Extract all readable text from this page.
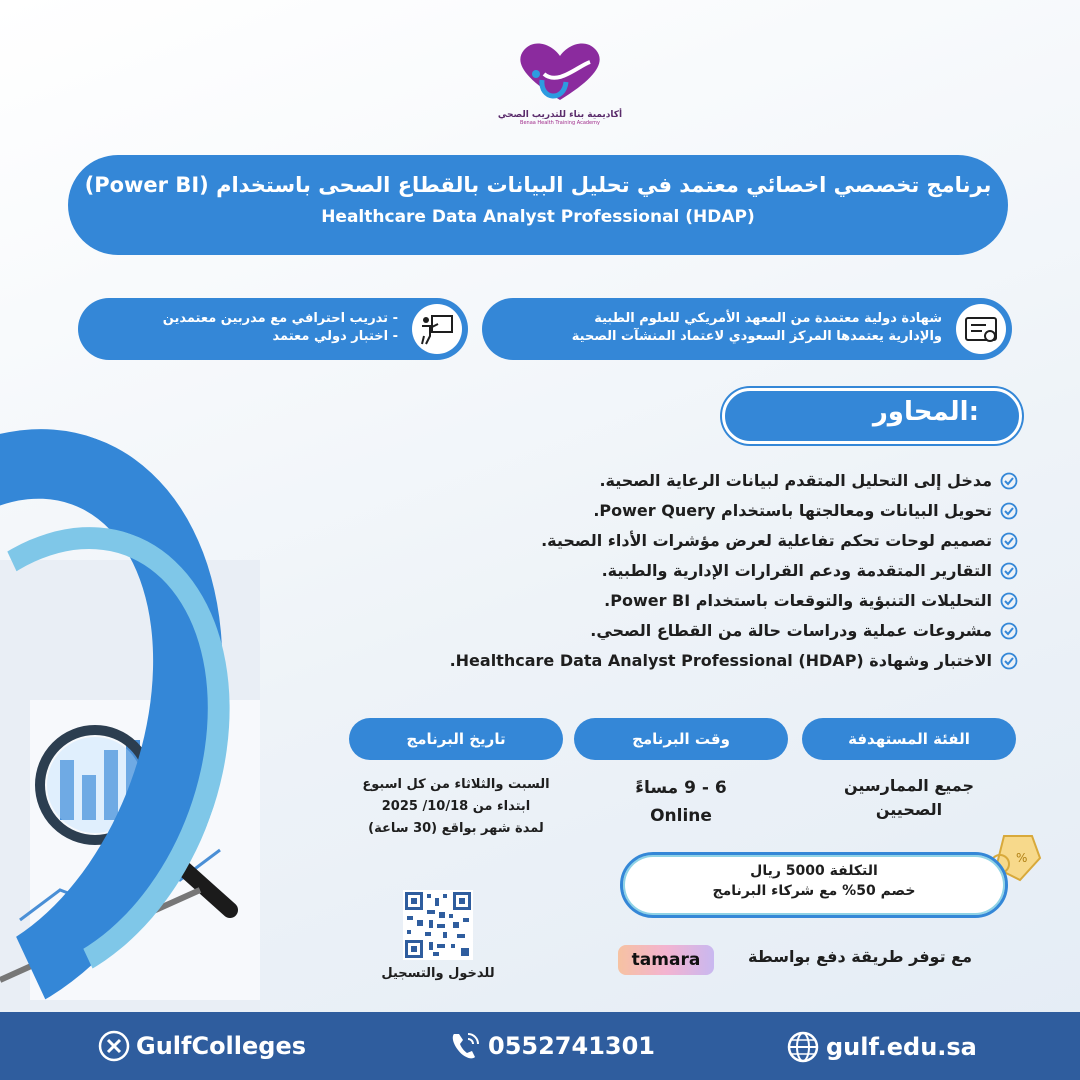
أكاديمية بناء للتدريب الصحي
Benaa Health Training Academy
برنامج تخصصي اخصائي معتمد في تحليل البيانات بالقطاع الصحى باستخدام (Power BI)
Healthcare Data Analyst Professional (HDAP)
شهادة دولية معتمدة من المعهد الأمريكي للعلوم الطبية
والإدارية يعتمدها المركز السعودي لاعتماد المنشآت الصحية
- تدريب احترافي مع مدربين معتمدين
- اختبار دولي معتمد
المحاور:
مدخل إلى التحليل المتقدم لبيانات الرعاية الصحية.
تحويل البيانات ومعالجتها باستخدام Power Query.
تصميم لوحات تحكم تفاعلية لعرض مؤشرات الأداء الصحية.
التقارير المتقدمة ودعم القرارات الإدارية والطبية.
التحليلات التنبؤية والتوقعات باستخدام Power BI.
مشروعات عملية ودراسات حالة من القطاع الصحي.
الاختبار وشهادة (Healthcare Data Analyst Professional (HDAP.
الفئة المستهدفة
وقت البرنامج
تاريخ البرنامج
جميع الممارسين
الصحيين
6 - 9 مساءً
Online
السبت والثلاثاء من كل اسبوع
ابتداء من 10/18/ 2025
لمدة شهر بواقع (30 ساعة)
%
التكلفة 5000 ريال
خصم 50% مع شركاء البرنامج
مع توفر طريقة دفع بواسطة
tamara
للدخول والتسجيل
GulfColleges	0552741301	gulf.edu.sa
